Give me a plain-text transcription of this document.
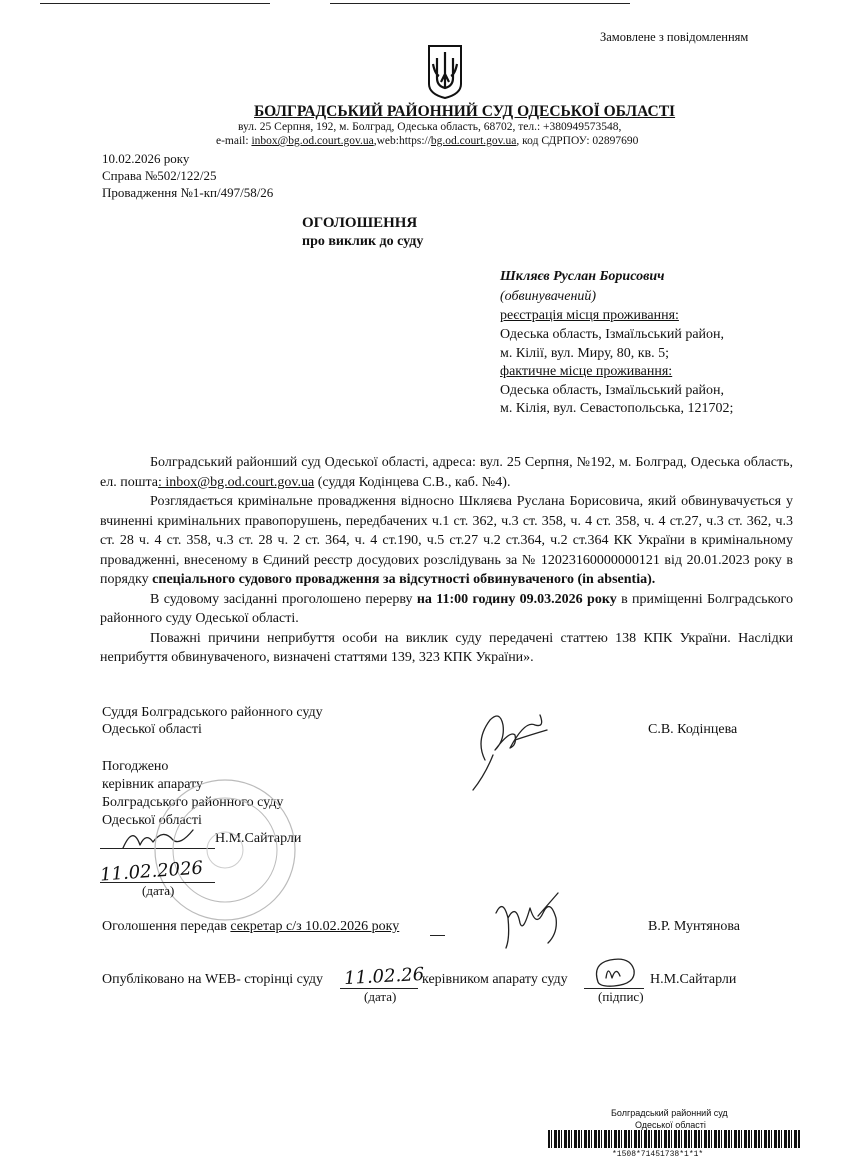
Замовлене з повідомленням
БОЛГРАДСЬКИЙ РАЙОННИЙ СУД ОДЕСЬКОЇ ОБЛАСТІ
вул. 25 Серпня, 192, м. Болград, Одеська область, 68702, тел.: +380949573548,
e-mail: inbox@bg.od.court.gov.ua,web:https://bg.od.court.gov.ua, код СДРПОУ: 02897690
10.02.2026 року
Справа №502/122/25
Провадження №1-кп/497/58/26
ОГОЛОШЕННЯ
про виклик до суду
Шкляєв Руслан Борисович
(обвинувачений)
реєстрація місця проживання:
Одеська область, Ізмаїльський район,
м. Кілії, вул. Миру, 80, кв. 5;
фактичне місце проживання:
Одеська область, Ізмаїльський район,
м. Кілія, вул. Севастопольська, 121702;

Болградський районший суд Одеської області, адреса: вул. 25 Серпня, №192, м. Болград, Одеська область, ел. пошта: inbox@bg.od.court.gov.ua (суддя Кодінцева С.В., каб. №4).

Розглядається кримінальне провадження відносно Шкляєва Руслана Борисовича, який обвинувачується у вчиненні кримінальних правопорушень, передбачених ч.1 ст. 362, ч.3 ст. 358, ч. 4 ст. 358, ч. 4 ст.27, ч.3 ст. 362, ч.3 ст. 28 ч. 4 ст. 358, ч.3 ст. 28 ч. 2 ст. 364, ч. 4 ст.190, ч.5 ст.27 ч.2 ст.364, ч.2 ст.364 КК України в кримінальному провадженні, внесеному в Єдиний реєстр досудових розслідувань за № 12023160000000121 від 20.01.2023 року в порядку спеціального судового провадження за відсутності обвинуваченого (in absentia).

В судовому засіданні проголошено перерву на 11:00 годину 09.03.2026 року в приміщенні Болградського районного суду Одеської області.

Поважні причини неприбуття особи на виклик суду передачені статтею 138 КПК України. Наслідки неприбуття обвинуваченого, визначені статтями 139, 323 КПК України».

Суддя Болградського районного суду
Одеської області	С.В. Кодінцева
Погоджено
керівник апарату
Болградського районного суду
Одеської області
Н.М.Сайтарли
11.02.2026
(дата)
Оголошення передав секретар с/з 10.02.2026 року	В.Р. Мунтянова
Опубліковано на WEB- сторінці суду 11.02.26
керівником апарату суду	Н.М.Сайтарли
(дата)	(підпис)
Болградський районний суд
Одеської області
*1508*71451738*1*1*
